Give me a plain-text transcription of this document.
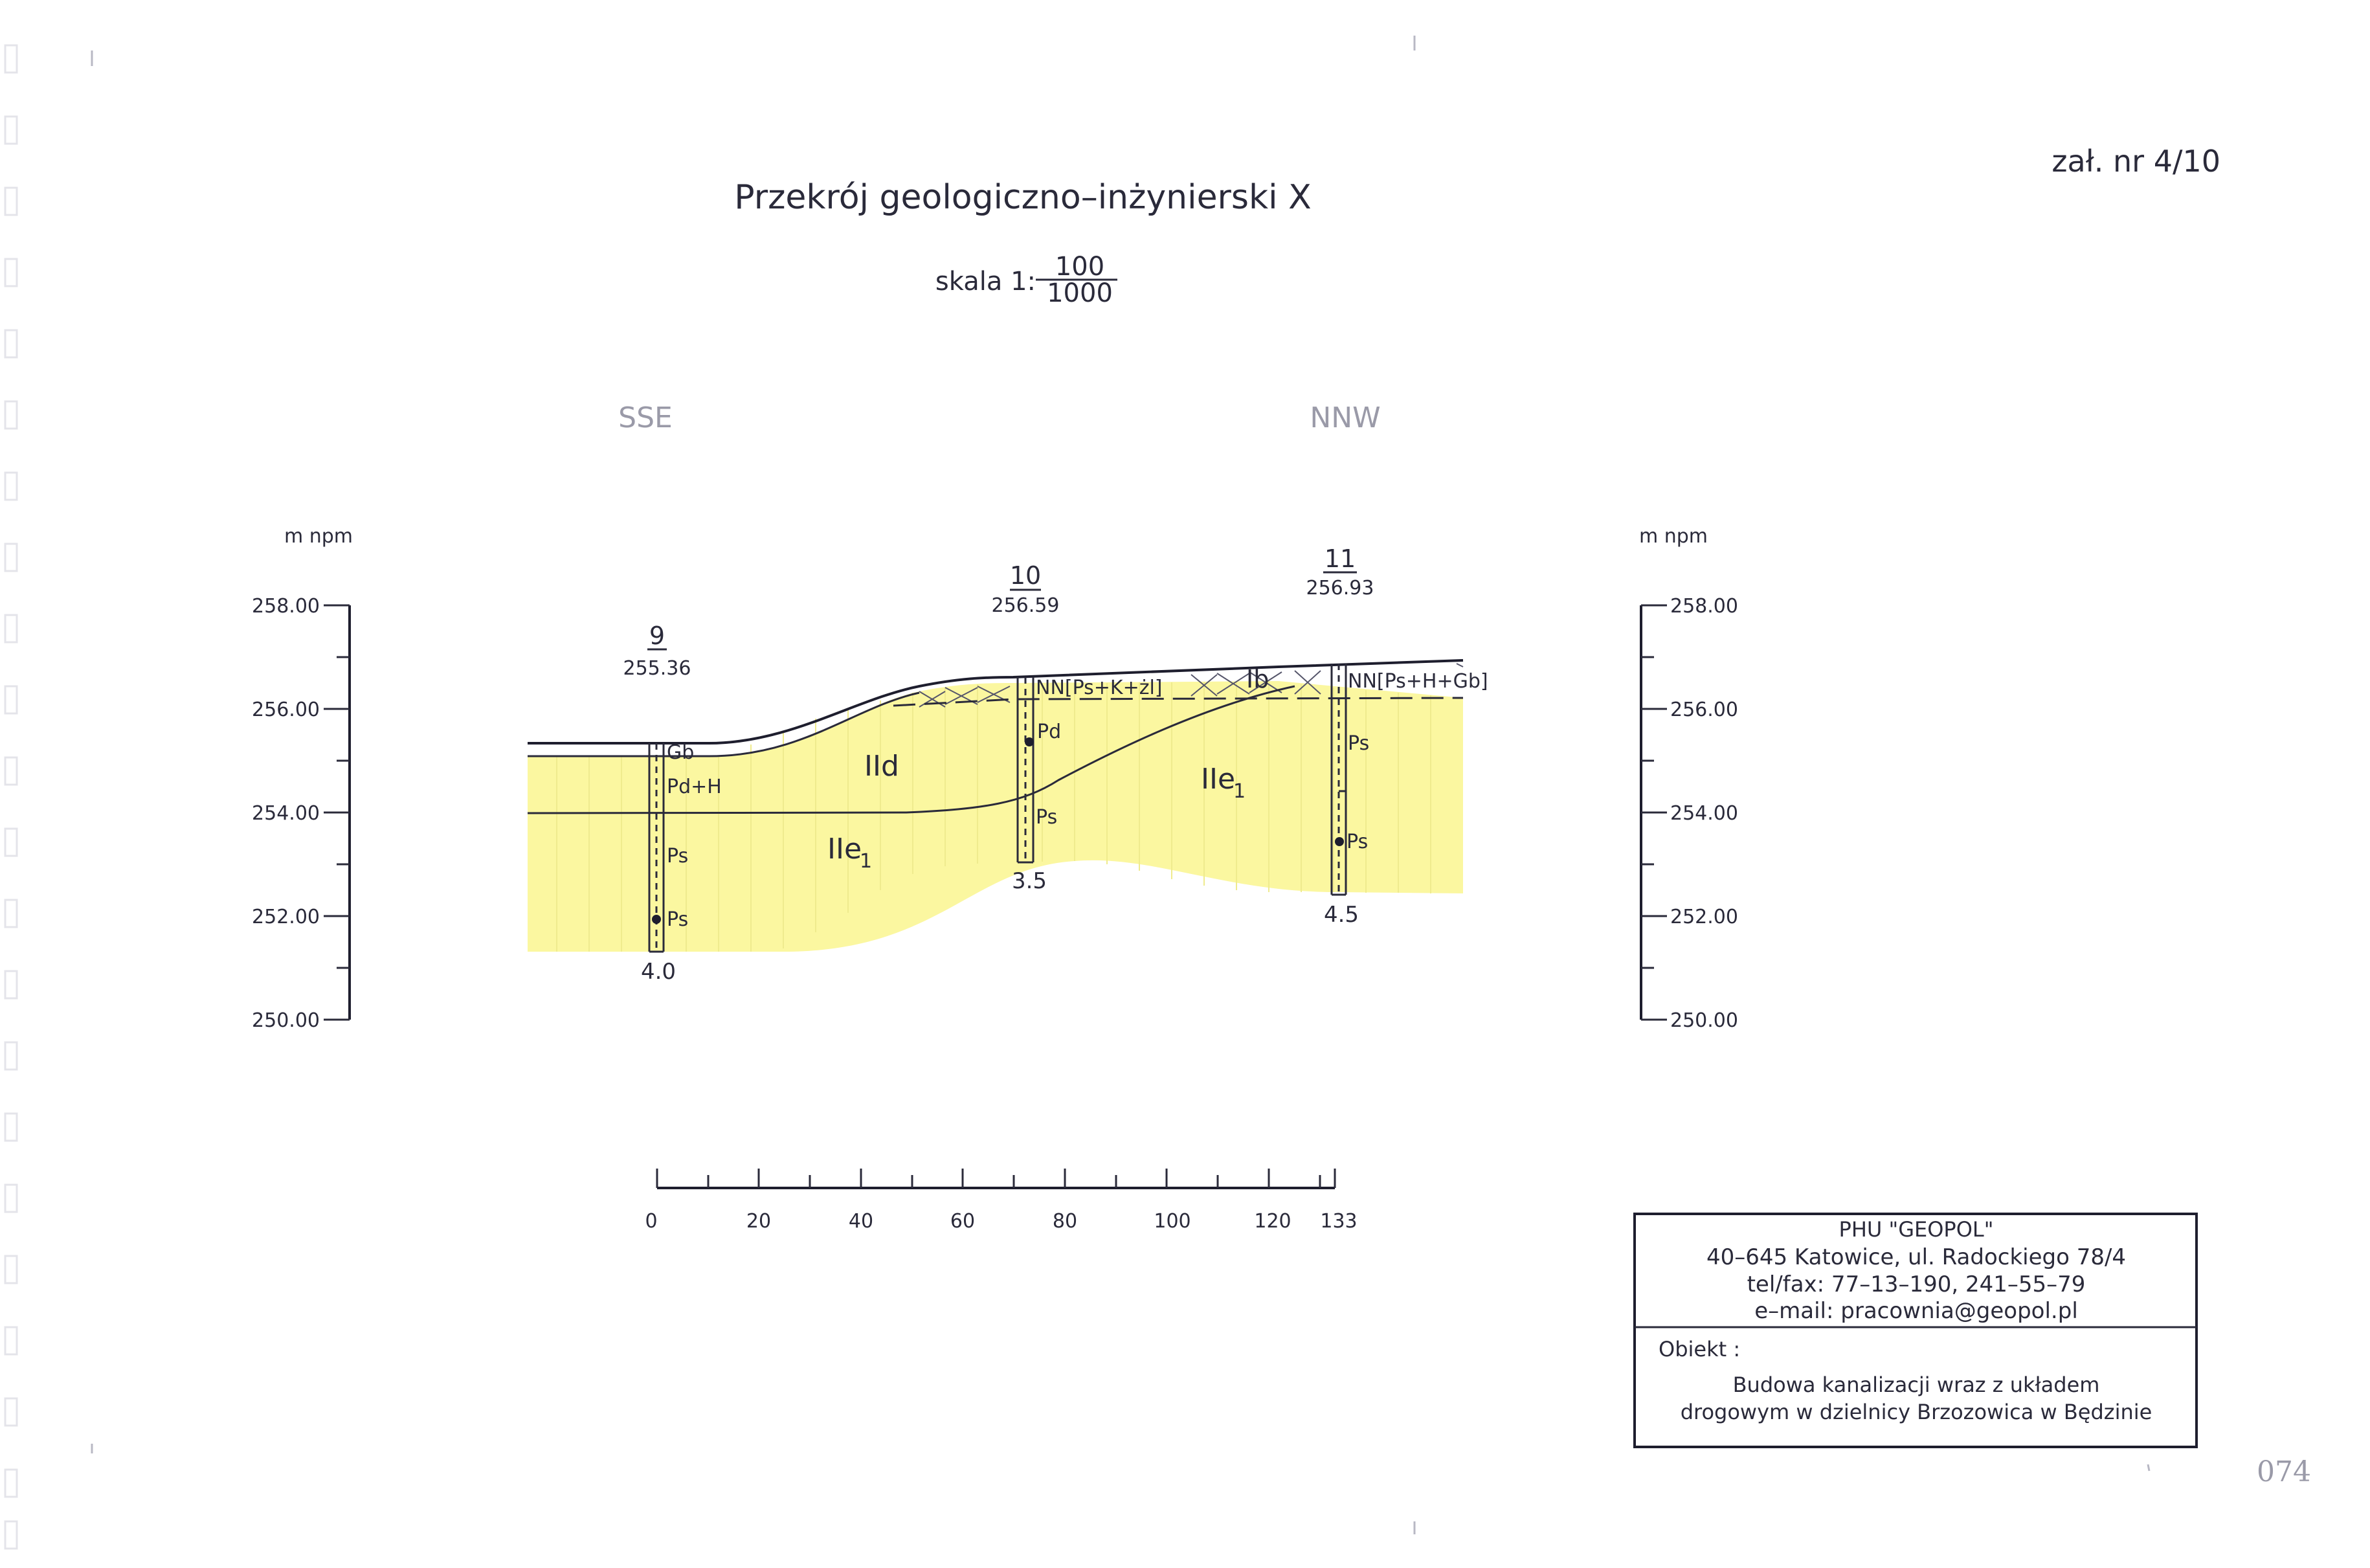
zał. nr 4/10
Przekrój geologiczno–inżynierski X
skala 1: 100
1000
SSE	NNW
m npm
258.00
256.00
254.00
252.00
250.00
m npm
258.00
256.00
254.00
252.00
250.00
9
255.36
4.0
Gb
Pd+H
Ps
Ps
10
256.59
3.5
Pd
Ps
NN[Ps+K+żl]
11
256.93
4.5
Ps
Ps
NN[Ps+H+Gb]
Ib
IId
IIe
1
IIe
1
0	20	40	60	80	100	120 133	PHU "GEOPOL"
40–645 Katowice, ul. Radockiego 78/4
tel/fax: 77–13–190, 241–55–79
e–mail: pracownia@geopol.pl
Obiekt :
Budowa kanalizacji wraz z układem
drogowym w dzielnicy Brzozowica w Będzinie
074
